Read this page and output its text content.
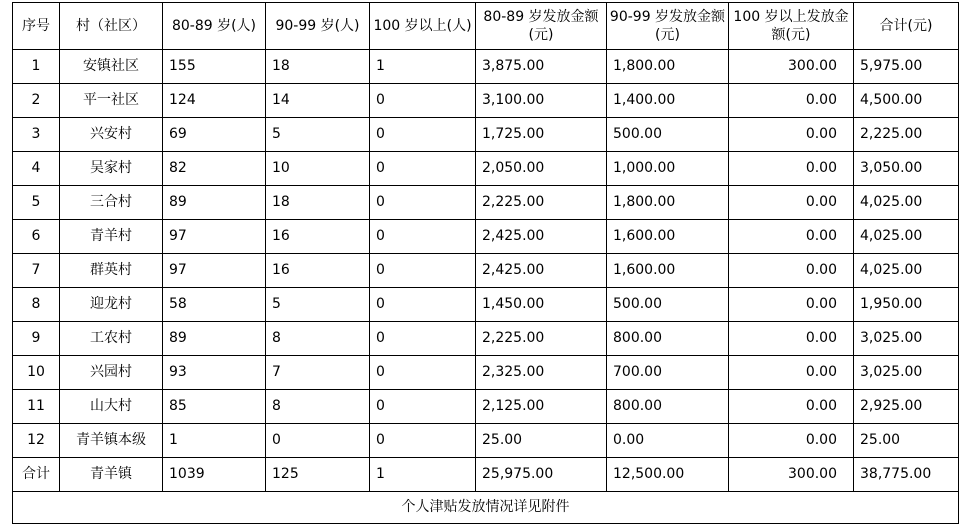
序号	村（社区）	80-89 岁(人)	90-99 岁(人)	100 岁以上(人)	80-89 岁发放金额(元)	90-99 岁发放金额(元)	100 岁以上发放金额(元)	合计(元)
1	安镇社区	155	18	1	3,875.00	1,800.00	300.00	5,975.00
2	平一社区	124	14	0	3,100.00	1,400.00	0.00	4,500.00
3	兴安村	69	5	0	1,725.00	500.00	0.00	2,225.00
4	吴家村	82	10	0	2,050.00	1,000.00	0.00	3,050.00
5	三合村	89	18	0	2,225.00	1,800.00	0.00	4,025.00
6	青羊村	97	16	0	2,425.00	1,600.00	0.00	4,025.00
7	群英村	97	16	0	2,425.00	1,600.00	0.00	4,025.00
8	迎龙村	58	5	0	1,450.00	500.00	0.00	1,950.00
9	工农村	89	8	0	2,225.00	800.00	0.00	3,025.00
10	兴园村	93	7	0	2,325.00	700.00	0.00	3,025.00
11	山大村	85	8	0	2,125.00	800.00	0.00	2,925.00
12	青羊镇本级	1	0	0	25.00	0.00	0.00	25.00
合计	青羊镇	1039	125	1	25,975.00	12,500.00	300.00	38,775.00
个人津贴发放情况详见附件								
